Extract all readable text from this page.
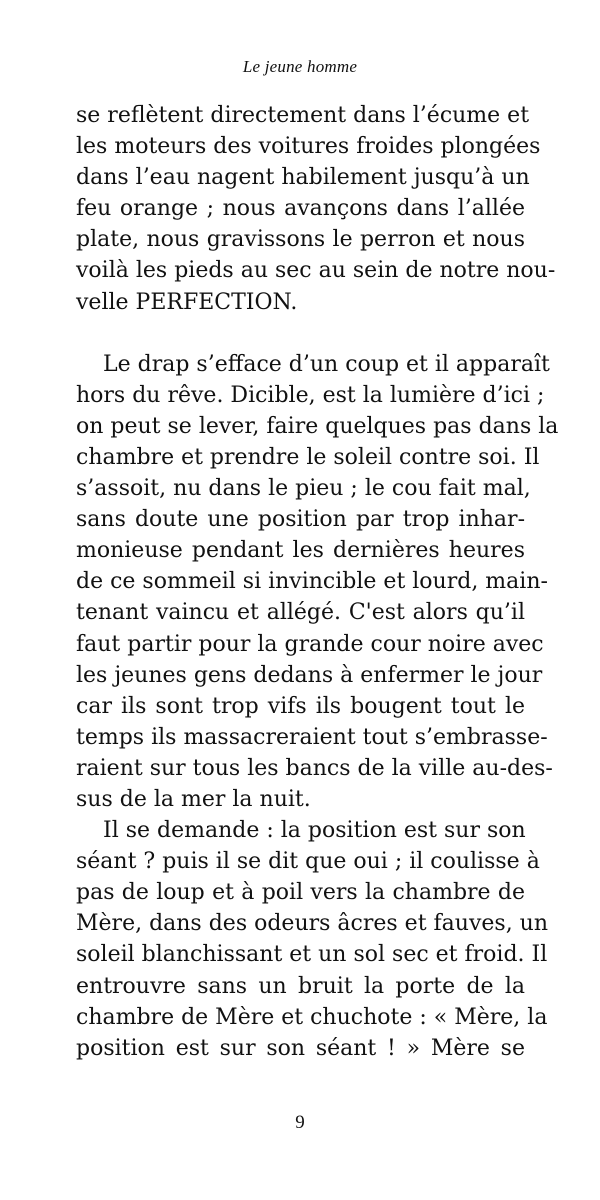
Le jeune homme
se reflètent directement dans l’écume et
les moteurs des voitures froides plongées
dans l’eau nagent habilement jusqu’à un
feu orange ; nous avançons dans l’allée
plate, nous gravissons le perron et nous
voilà les pieds au sec au sein de notre nou-
velle PERFECTION.
Le drap s’efface d’un coup et il apparaît
hors du rêve. Dicible, est la lumière d’ici ;
on peut se lever, faire quelques pas dans la
chambre et prendre le soleil contre soi. Il
s’assoit, nu dans le pieu ; le cou fait mal,
sans doute une position par trop inhar-
monieuse pendant les dernières heures
de ce sommeil si invincible et lourd, main-
tenant vaincu et allégé. C'est alors qu’il
faut partir pour la grande cour noire avec
les jeunes gens dedans à enfermer le jour
car ils sont trop vifs ils bougent tout le
temps ils massacreraient tout s’embrasse-
raient sur tous les bancs de la ville au-des-
sus de la mer la nuit.
Il se demande : la position est sur son
séant ? puis il se dit que oui ; il coulisse à
pas de loup et à poil vers la chambre de
Mère, dans des odeurs âcres et fauves, un
soleil blanchissant et un sol sec et froid. Il
entrouvre sans un bruit la porte de la
chambre de Mère et chuchote : « Mère, la
position est sur son séant ! » Mère se
9
